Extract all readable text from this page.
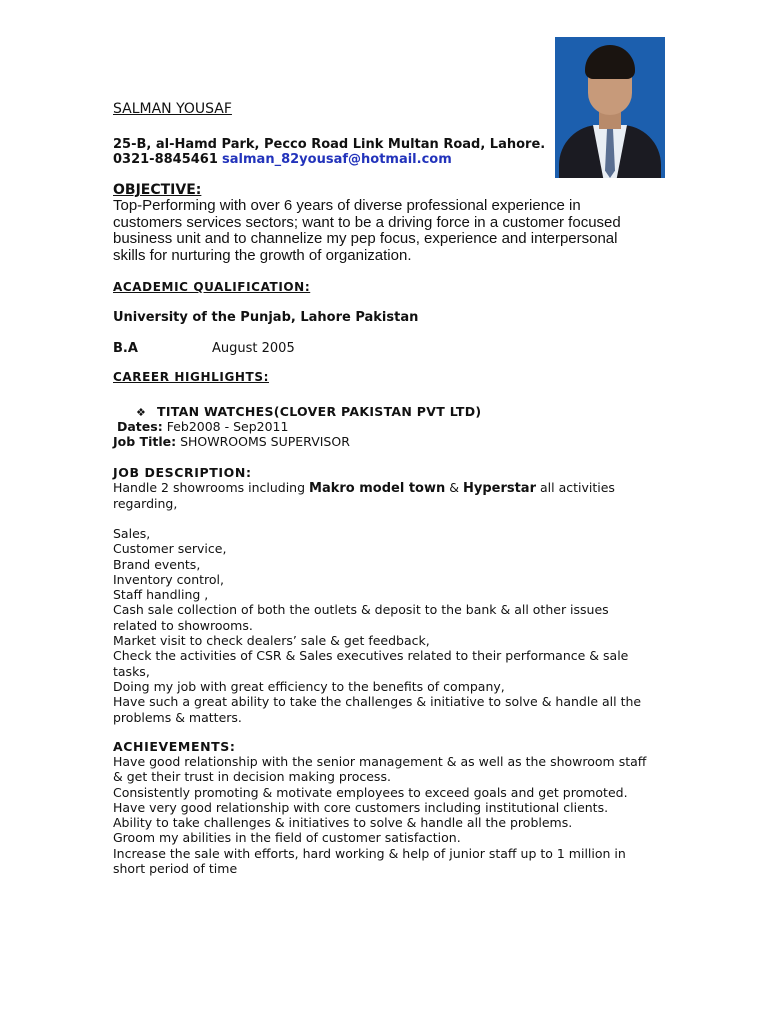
SALMAN YOUSAF
25-B, al-Hamd Park, Pecco Road Link Multan Road, Lahore.
0321-8845461 salman_82yousaf@hotmail.com
OBJECTIVE:
Top-Performing with over 6 years of diverse professional experience in
customers services sectors; want to be a driving force in a customer focused
business unit and to channelize my pep focus, experience and interpersonal
skills for nurturing the growth of organization.
ACADEMIC QUALIFICATION:
University of the Punjab, Lahore Pakistan
B.A	August 2005
CAREER HIGHLIGHTS:
❖ TITAN WATCHES(CLOVER PAKISTAN PVT LTD)
Dates: Feb2008 - Sep2011
Job Title: SHOWROOMS SUPERVISOR
JOB DESCRIPTION:
Handle 2 showrooms including Makro model town & Hyperstar all activities
regarding,
Sales,
Customer service,
Brand events,
Inventory control,
Staff handling ,
Cash sale collection of both the outlets & deposit to the bank & all other issues
related to showrooms.
Market visit to check dealers’ sale & get feedback,
Check the activities of CSR & Sales executives related to their performance & sale
tasks,
Doing my job with great efficiency to the benefits of company,
Have such a great ability to take the challenges & initiative to solve & handle all the
problems & matters.
ACHIEVEMENTS:
Have good relationship with the senior management & as well as the showroom staff
& get their trust in decision making process.
Consistently promoting & motivate employees to exceed goals and get promoted.
Have very good relationship with core customers including institutional clients.
Ability to take challenges & initiatives to solve & handle all the problems.
Groom my abilities in the field of customer satisfaction.
Increase the sale with efforts, hard working & help of junior staff up to 1 million in
short period of time
